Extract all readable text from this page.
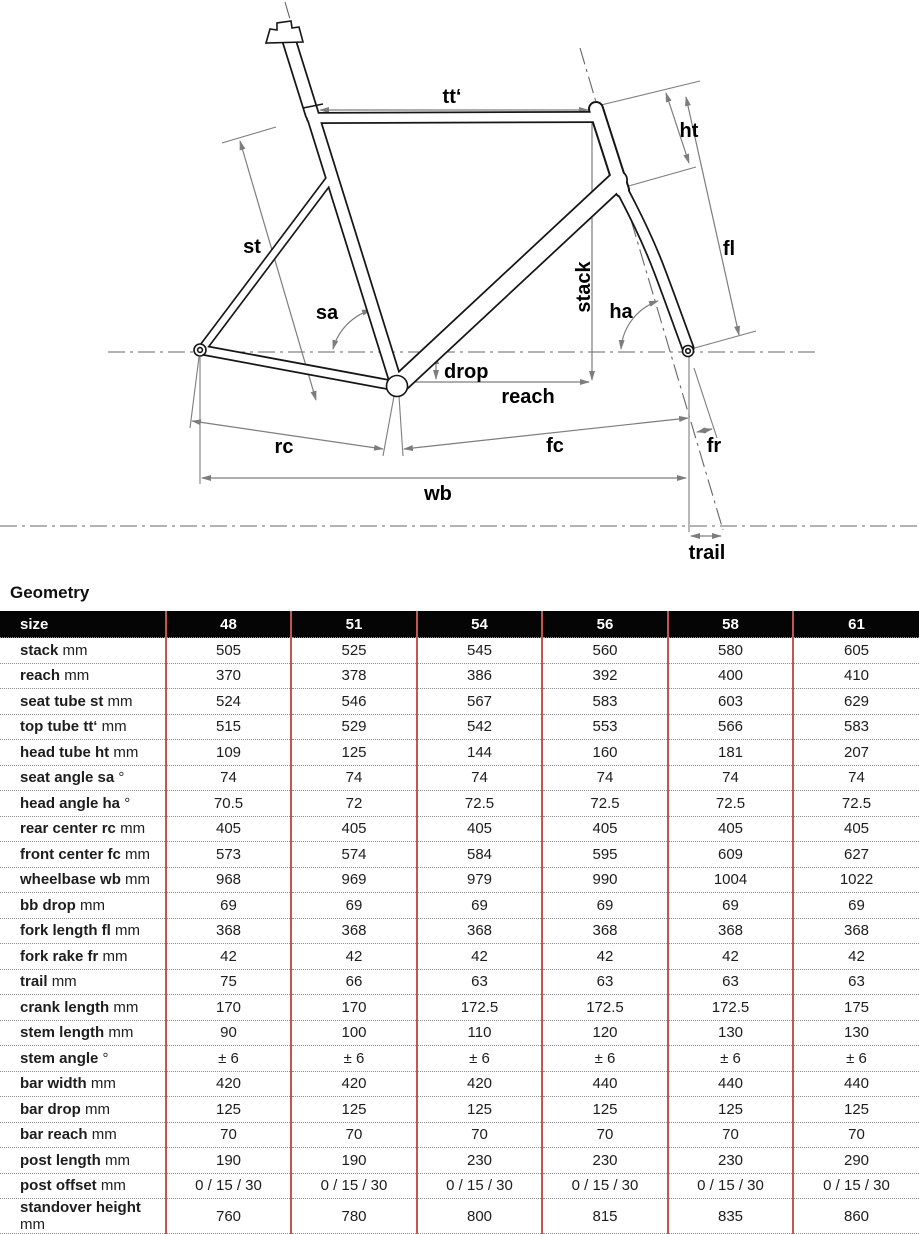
tt‘
ht
st	fl
stack
sa	ha
drop
reach
rc	fc	fr
wb
trail
Geometry
size	48	51	54	56	58	61
stack mm	505	525	545	560	580	605
reach mm	370	378	386	392	400	410
seat tube st mm	524	546	567	583	603	629
top tube tt‘ mm	515	529	542	553	566	583
head tube ht mm	109	125	144	160	181	207
seat angle sa °	74	74	74	74	74	74
head angle ha °	70.5	72	72.5	72.5	72.5	72.5
rear center rc mm	405	405	405	405	405	405
front center fc mm	573	574	584	595	609	627
wheelbase wb mm	968	969	979	990	1004	1022
bb drop mm	69	69	69	69	69	69
fork length fl mm	368	368	368	368	368	368
fork rake fr mm	42	42	42	42	42	42
trail mm	75	66	63	63	63	63
crank length mm	170	170	172.5	172.5	172.5	175
stem length mm	90	100	110	120	130	130
stem angle °	± 6	± 6	± 6	± 6	± 6	± 6
bar width mm	420	420	420	440	440	440
bar drop mm	125	125	125	125	125	125
bar reach mm	70	70	70	70	70	70
post length mm	190	190	230	230	230	290
post offset mm	0 / 15 / 30	0 / 15 / 30	0 / 15 / 30	0 / 15 / 30	0 / 15 / 30	0 / 15 / 30
standover height mm	760	780	800	815	835	860
